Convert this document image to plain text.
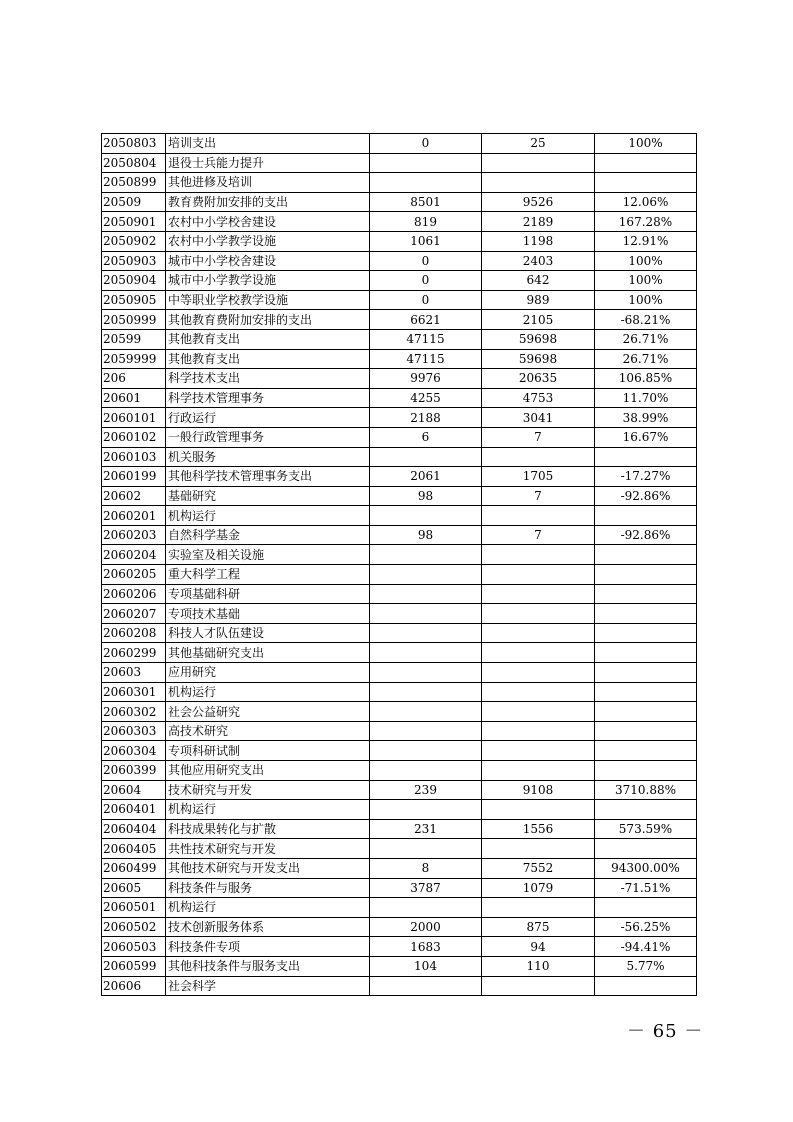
2050803	培训支出	0	25	100%
2050804	退役士兵能力提升			
2050899	其他进修及培训			
20509	教育费附加安排的支出	8501	9526	12.06%
2050901	农村中小学校舍建设	819	2189	167.28%
2050902	农村中小学教学设施	1061	1198	12.91%
2050903	城市中小学校舍建设	0	2403	100%
2050904	城市中小学教学设施	0	642	100%
2050905	中等职业学校教学设施	0	989	100%
2050999	其他教育费附加安排的支出	6621	2105	-68.21%
20599	其他教育支出	47115	59698	26.71%
2059999	其他教育支出	47115	59698	26.71%
206	科学技术支出	9976	20635	106.85%
20601	科学技术管理事务	4255	4753	11.70%
2060101	行政运行	2188	3041	38.99%
2060102	一般行政管理事务	6	7	16.67%
2060103	机关服务			
2060199	其他科学技术管理事务支出	2061	1705	-17.27%
20602	基础研究	98	7	-92.86%
2060201	机构运行			
2060203	自然科学基金	98	7	-92.86%
2060204	实验室及相关设施			
2060205	重大科学工程			
2060206	专项基础科研			
2060207	专项技术基础			
2060208	科技人才队伍建设			
2060299	其他基础研究支出			
20603	应用研究			
2060301	机构运行			
2060302	社会公益研究			
2060303	高技术研究			
2060304	专项科研试制			
2060399	其他应用研究支出			
20604	技术研究与开发	239	9108	3710.88%
2060401	机构运行			
2060404	科技成果转化与扩散	231	1556	573.59%
2060405	共性技术研究与开发			
2060499	其他技术研究与开发支出	8	7552	94300.00%
20605	科技条件与服务	3787	1079	-71.51%
2060501	机构运行			
2060502	技术创新服务体系	2000	875	-56.25%
2060503	科技条件专项	1683	94	-94.41%
2060599	其他科技条件与服务支出	104	110	5.77%
20606	社会科学			
－ 65 －
